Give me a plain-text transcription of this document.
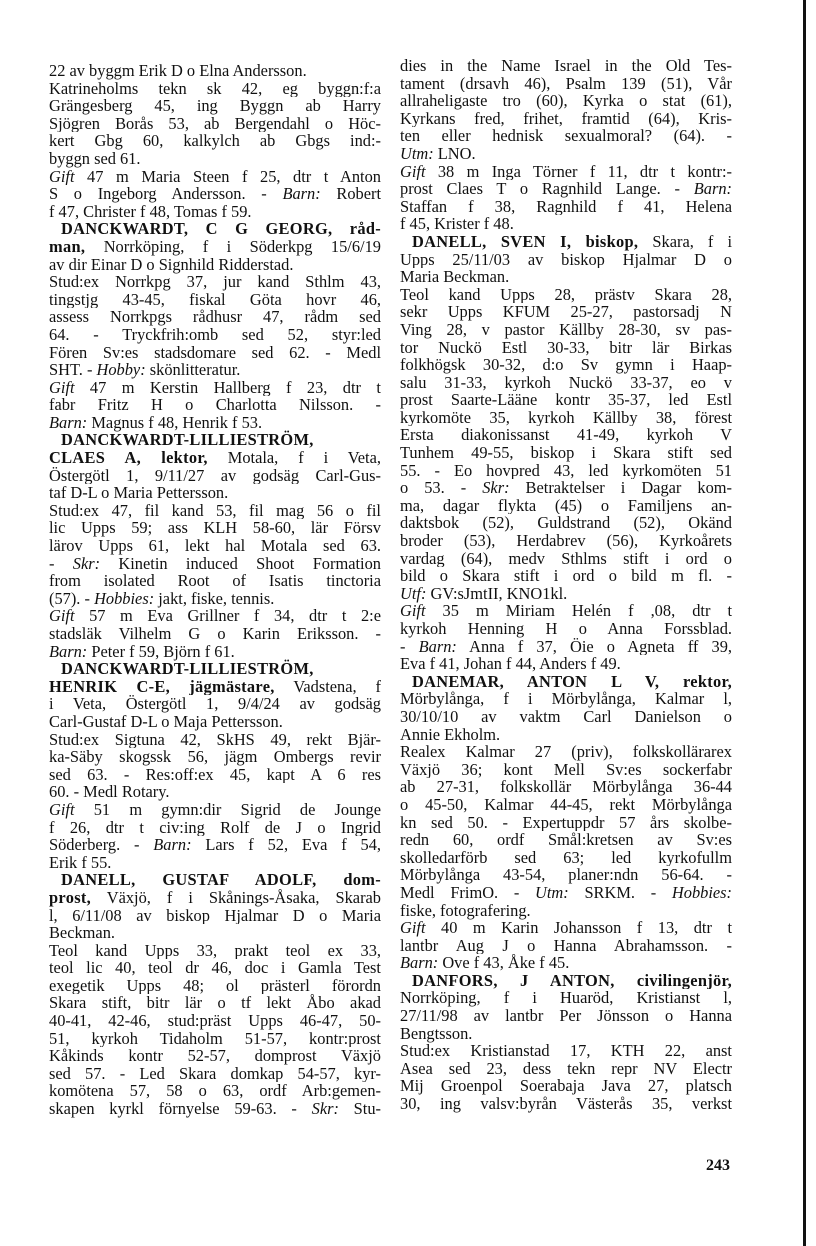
22 av byggm Erik D o Elna Andersson.
Katrineholms tekn sk 42, eg byggn:f:a
Grängesberg 45, ing Byggn ab Harry
Sjögren Borås 53, ab Bergendahl o Höc-
kert Gbg 60, kalkylch ab Gbgs ind:-
byggn sed 61.
Gift 47 m Maria Steen f 25, dtr t Anton
S o Ingeborg Andersson. - Barn: Robert
f 47, Christer f 48, Tomas f 59.
DANCKWARDT, C G GEORG, råd-
man, Norrköping, f i Söderkpg 15/6/19
av dir Einar D o Signhild Ridderstad.
Stud:ex Norrkpg 37, jur kand Sthlm 43,
tingstjg 43-45, fiskal Göta hovr 46,
assess Norrkpgs rådhusr 47, rådm sed
64. - Tryckfrih:omb sed 52, styr:led
Fören Sv:es stadsdomare sed 62. - Medl
SHT. - Hobby: skönlitteratur.
Gift 47 m Kerstin Hallberg f 23, dtr t
fabr Fritz H o Charlotta Nilsson. -
Barn: Magnus f 48, Henrik f 53.
DANCKWARDT-LILLIESTRÖM,
CLAES A, lektor, Motala, f i Veta,
Östergötl 1, 9/11/27 av godsäg Carl-Gus-
taf D-L o Maria Pettersson.
Stud:ex 47, fil kand 53, fil mag 56 o fil
lic Upps 59; ass KLH 58-60, lär Försv
lärov Upps 61, lekt hal Motala sed 63.
- Skr: Kinetin induced Shoot Formation
from isolated Root of Isatis tinctoria
(57). - Hobbies: jakt, fiske, tennis.
Gift 57 m Eva Grillner f 34, dtr t 2:e
stadsläk Vilhelm G o Karin Eriksson. -
Barn: Peter f 59, Björn f 61.
DANCKWARDT-LILLIESTRÖM,
HENRIK C-E, jägmästare, Vadstena, f
i Veta, Östergötl 1, 9/4/24 av godsäg
Carl-Gustaf D-L o Maja Pettersson.
Stud:ex Sigtuna 42, SkHS 49, rekt Bjär-
ka-Säby skogssk 56, jägm Ombergs revir
sed 63. - Res:off:ex 45, kapt A 6 res
60. - Medl Rotary.
Gift 51 m gymn:dir Sigrid de Jounge
f 26, dtr t civ:ing Rolf de J o Ingrid
Söderberg. - Barn: Lars f 52, Eva f 54,
Erik f 55.
DANELL, GUSTAF ADOLF, dom-
prost, Växjö, f i Skånings-Åsaka, Skarab
l, 6/11/08 av biskop Hjalmar D o Maria
Beckman.
Teol kand Upps 33, prakt teol ex 33,
teol lic 40, teol dr 46, doc i Gamla Test
exegetik Upps 48; ol prästerl förordn
Skara stift, bitr lär o tf lekt Åbo akad
40-41, 42-46, stud:präst Upps 46-47, 50-
51, kyrkoh Tidaholm 51-57, kontr:prost
Kåkinds kontr 52-57, domprost Växjö
sed 57. - Led Skara domkap 54-57, kyr-
komötena 57, 58 o 63, ordf Arb:gemen-
skapen kyrkl förnyelse 59-63. - Skr: Stu-
dies in the Name Israel in the Old Tes-
tament (drsavh 46), Psalm 139 (51), Vår
allraheligaste tro (60), Kyrka o stat (61),
Kyrkans fred, frihet, framtid (64), Kris-
ten eller hednisk sexualmoral? (64). -
Utm: LNO.
Gift 38 m Inga Törner f 11, dtr t kontr:-
prost Claes T o Ragnhild Lange. - Barn:
Staffan f 38, Ragnhild f 41, Helena
f 45, Krister f 48.
DANELL, SVEN I, biskop, Skara, f i
Upps 25/11/03 av biskop Hjalmar D o
Maria Beckman.
Teol kand Upps 28, prästv Skara 28,
sekr Upps KFUM 25-27, pastorsadj N
Ving 28, v pastor Källby 28-30, sv pas-
tor Nuckö Estl 30-33, bitr lär Birkas
folkhögsk 30-32, d:o Sv gymn i Haap-
salu 31-33, kyrkoh Nuckö 33-37, eo v
prost Saarte-Lääne kontr 35-37, led Estl
kyrkomöte 35, kyrkoh Källby 38, förest
Ersta diakonissanst 41-49, kyrkoh V
Tunhem 49-55, biskop i Skara stift sed
55. - Eo hovpred 43, led kyrkomöten 51
o 53. - Skr: Betraktelser i Dagar kom-
ma, dagar flykta (45) o Familjens an-
daktsbok (52), Guldstrand (52), Okänd
broder (53), Herdabrev (56), Kyrkoårets
vardag (64), medv Sthlms stift i ord o
bild o Skara stift i ord o bild m fl. -
Utf: GV:sJmtII, KNO1kl.
Gift 35 m Miriam Helén f ,08, dtr t
kyrkoh Henning H o Anna Forssblad.
- Barn: Anna f 37, Öie o Agneta ff 39,
Eva f 41, Johan f 44, Anders f 49.
DANEMAR, ANTON L V, rektor,
Mörbylånga, f i Mörbylånga, Kalmar l,
30/10/10 av vaktm Carl Danielson o
Annie Ekholm.
Realex Kalmar 27 (priv), folkskollärarex
Växjö 36; kont Mell Sv:es sockerfabr
ab 27-31, folkskollär Mörbylånga 36-44
o 45-50, Kalmar 44-45, rekt Mörbylånga
kn sed 50. - Expertuppdr 57 års skolbe-
redn 60, ordf Smål:kretsen av Sv:es
skolledarförb sed 63; led kyrkofullm
Mörbylånga 43-54, planer:ndn 56-64. -
Medl FrimO. - Utm: SRKM. - Hobbies:
fiske, fotografering.
Gift 40 m Karin Johansson f 13, dtr t
lantbr Aug J o Hanna Abrahamsson. -
Barn: Ove f 43, Åke f 45.
DANFORS, J ANTON, civilingenjör,
Norrköping, f i Huaröd, Kristianst l,
27/11/98 av lantbr Per Jönsson o Hanna
Bengtsson.
Stud:ex Kristianstad 17, KTH 22, anst
Asea sed 23, dess tekn repr NV Electr
Mij Groenpol Soerabaja Java 27, platsch
30, ing valsv:byrån Västerås 35, verkst
243
